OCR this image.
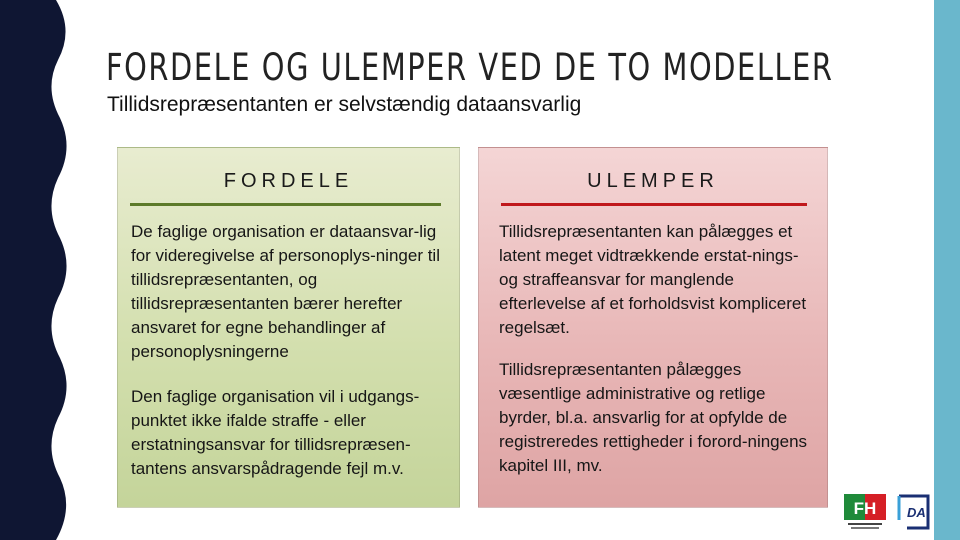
FORDELE OG ULEMPER VED DE TO MODELLER
Tillidsrepræsentanten er selvstændig dataansvarlig
FORDELE
De faglige organisation er dataansvar-lig for videregivelse af personoplys-ninger til tillidsrepræsentanten, og tillidsrepræsentanten bærer herefter ansvaret for egne behandlinger af personoplysningerne
Den faglige organisation vil i udgangs-punktet ikke ifalde straffe - eller erstatningsansvar for tillidsrepræsen-tantens ansvarspådragende fejl m.v.
ULEMPER
Tillidsrepræsentanten kan pålægges et latent meget vidtrækkende erstat-nings- og straffeansvar for manglende efterlevelse af et forholdsvist kompliceret regelsæt.
Tillidsrepræsentanten pålægges væsentlige administrative og retlige byrder, bl.a. ansvarlig for at opfylde de registreredes rettigheder i forord-ningens kapitel III, mv.
FH DA
